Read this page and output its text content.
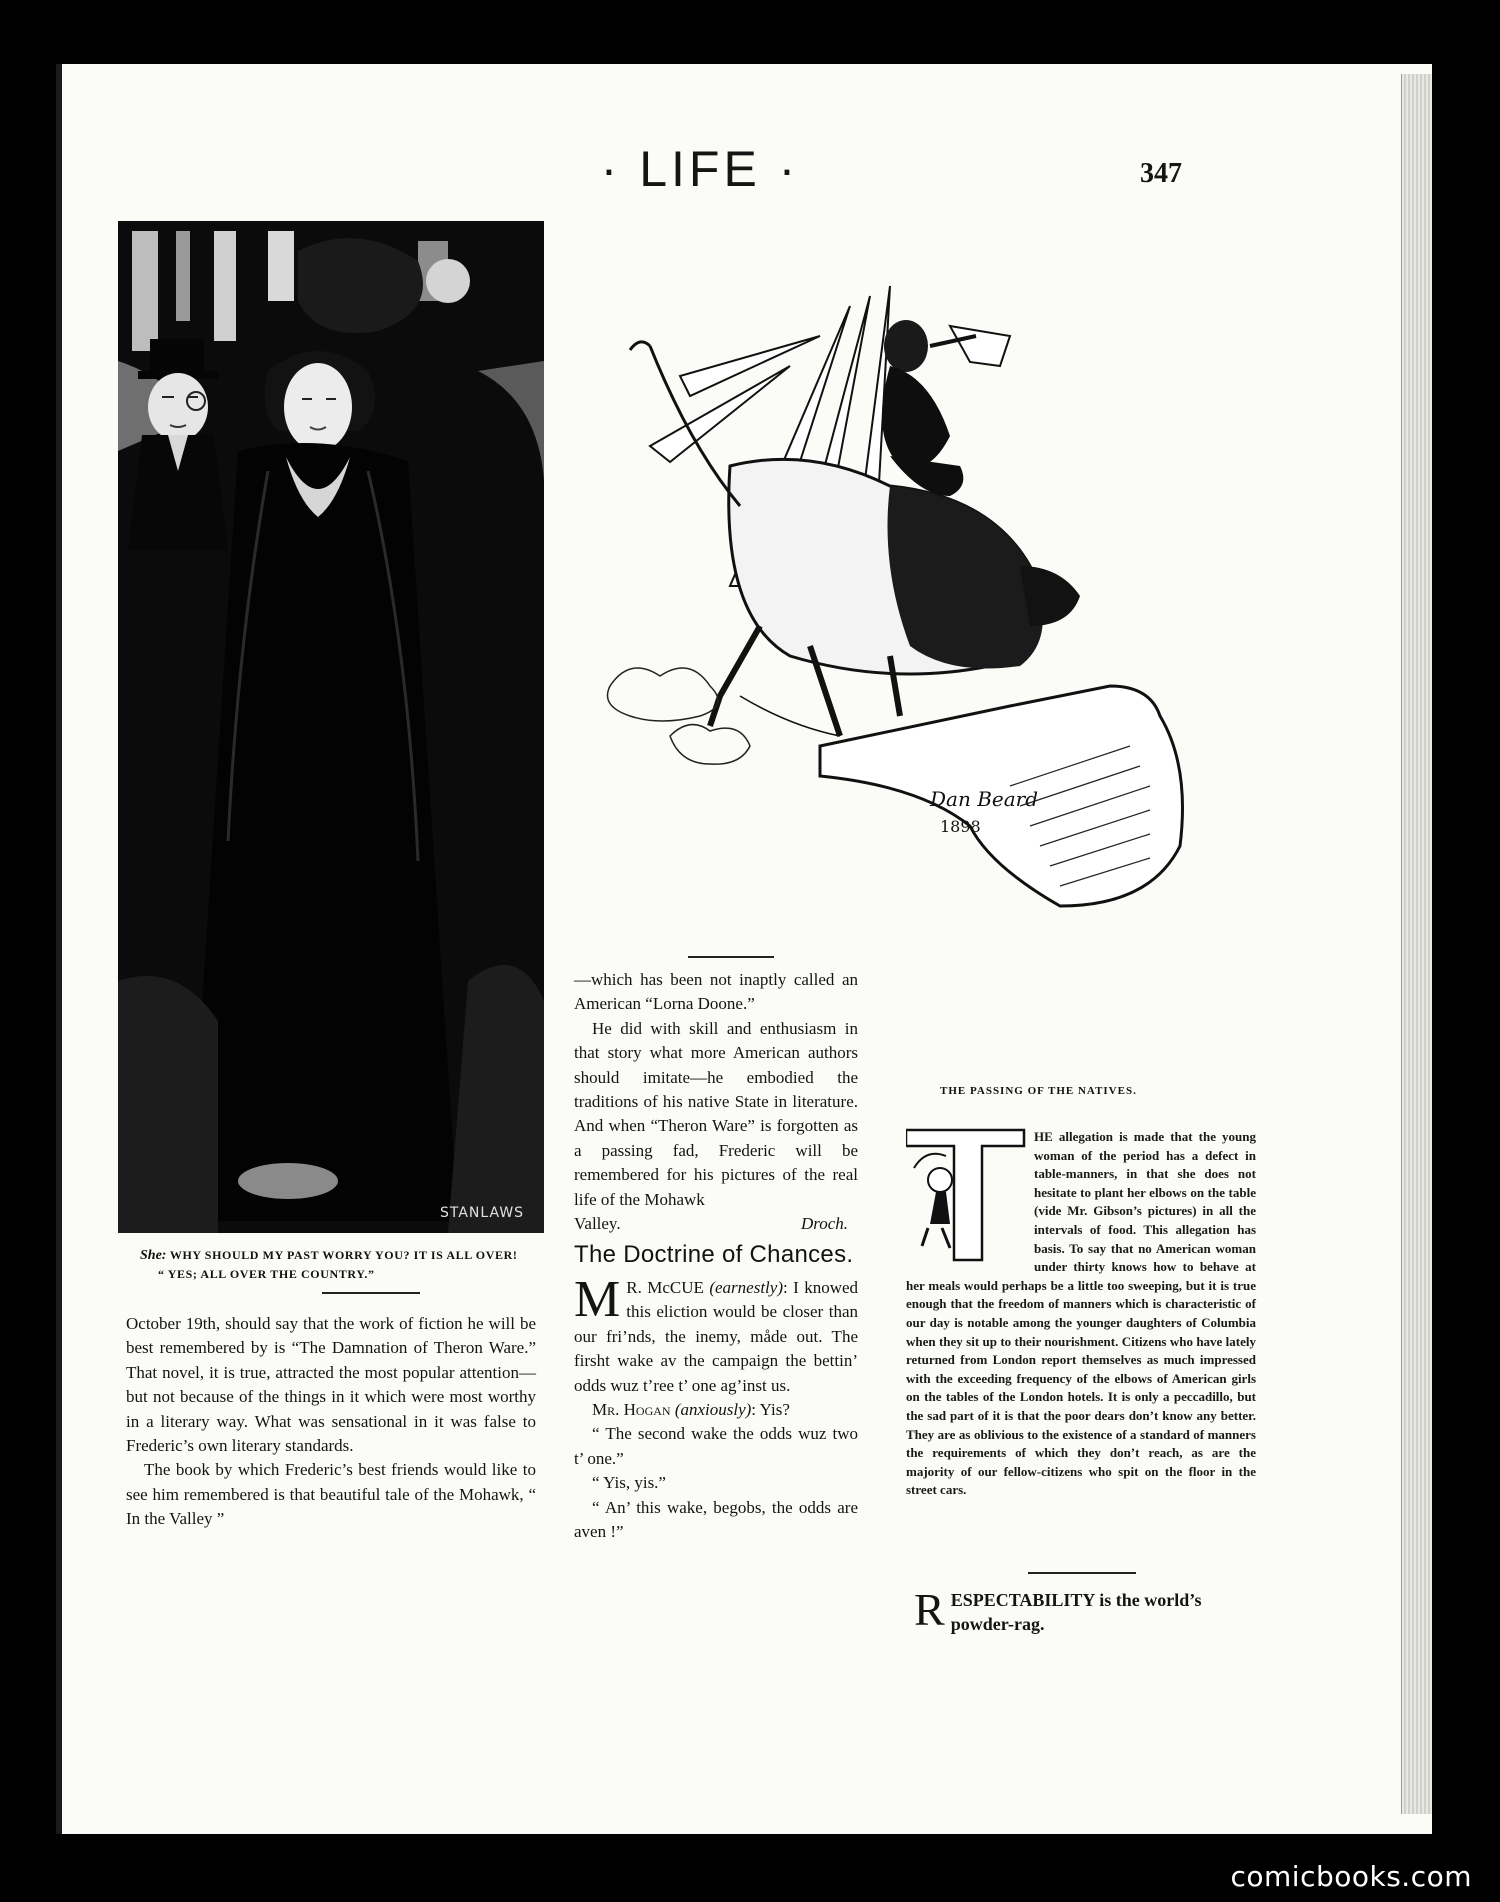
· LIFE ·	347
STANLAWS
She: WHY SHOULD MY PAST WORRY YOU? IT IS ALL OVER!
“ YES; ALL OVER THE COUNTRY.”

October 19th, should say that the work of fiction he will be best remembered by is “The Damnation of Theron Ware.” That novel, it is true, attracted the most popular attention—but not because of the things in it which were most worthy in a literary way. What was sensational in it was false to Frederic’s own literary standards.

The book by which Frederic’s best friends would like to see him remembered is that beautiful tale of the Mohawk, “ In the Valley ”

—which has been not inaptly called an American “Lorna Doone.”

He did with skill and enthusiasm in that story what more American authors should imitate—he embodied the traditions of his native State in literature. And when “Theron Ware” is forgotten as a passing fad, Frederic will be remembered for his pictures of the real life of the Mohawk

Valley.	Droch.

The Doctrine of Chances.

M R. McCUE (earnestly): I knowed this eliction would be closer than our fri’nds, the inemy, måde out. The firsht wake av the campaign the bettin’ odds wuz t’ree t’ one ag’inst us.

Mr. Hogan (anxiously): Yis?

“ The second wake the odds wuz two t’ one.”

“ Yis, yis.”

“ An’ this wake, begobs, the odds are aven !”

Dan Beard
1898
THE PASSING OF THE NATIVES.
HE allegation is made that the young woman of the period has a defect in table-manners, in that she does not hesitate to plant her elbows on the table (vide Mr. Gibson’s pictures) in all the intervals of food. This allegation has basis. To say that no American woman under thirty knows how to behave at her meals would perhaps be a little too sweeping, but it is true enough that the freedom of manners which is characteristic of our day is notable among the younger daughters of Columbia when they sit up to their nourishment. Citizens who have lately returned from London report themselves as much impressed with the exceeding frequency of the elbows of American girls on the tables of the London hotels. It is only a peccadillo, but the sad part of it is that the poor dears don’t know any better. They are as oblivious to the existence of a standard of manners the requirements of which they don’t reach, as are the majority of our fellow-citizens who spit on the floor in the street cars.
R ESPECTABILITY is the world’s powder-rag.
comicbooks.com
